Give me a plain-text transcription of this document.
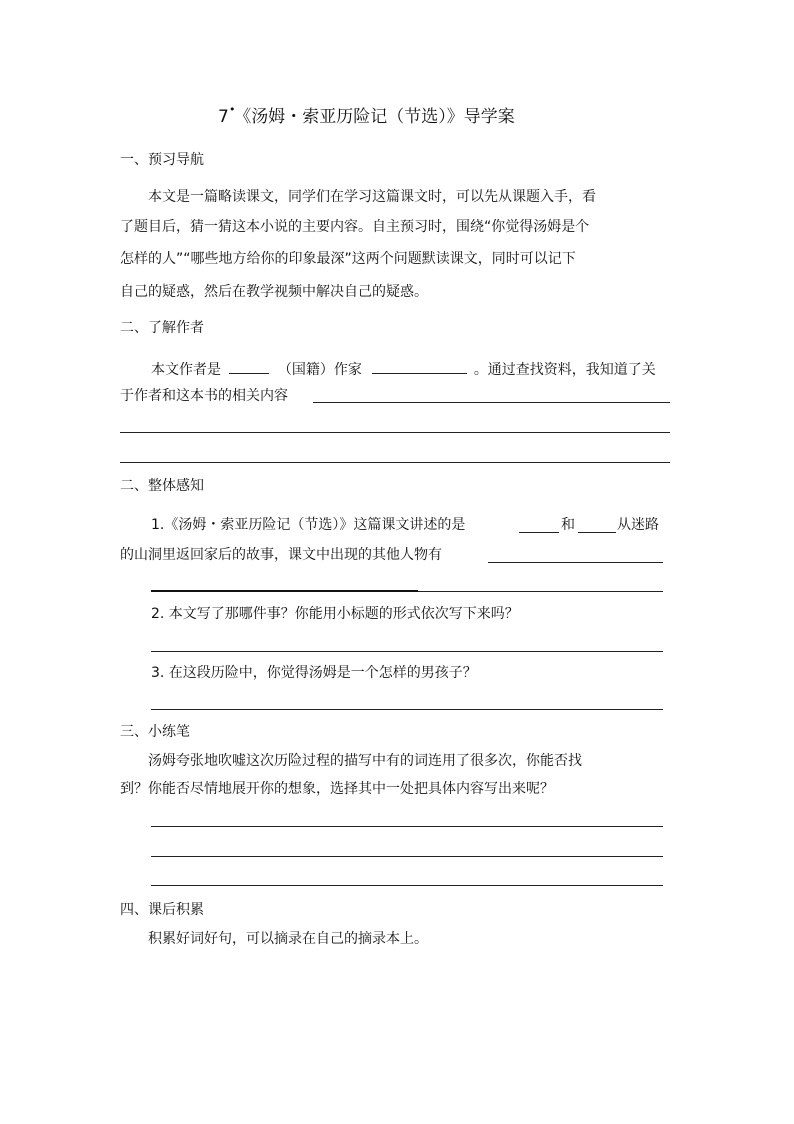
7 《汤姆・索亚历险记（节选）》导学案
•
一、预习导航
本文是一篇略读课文，同学们在学习这篇课文时，可以先从课题入手，看
了题目后，猜一猜这本小说的主要内容。自主预习时，围绕“你觉得汤姆是个
怎样的人”“哪些地方给你的印象最深”这两个问题默读课文，同时可以记下
自己的疑惑，然后在教学视频中解决自己的疑惑。
二、了解作者
本文作者是	（国籍）作家	。通过查找资料，我知道了关
于作者和这本书的相关内容
二、整体感知
1.《汤姆・索亚历险记（节选）》这篇课文讲述的是	和	从迷路
的山洞里返回家后的故事，课文中出现的其他人物有
2. 本文写了那哪件事？你能用小标题的形式依次写下来吗？
3. 在这段历险中，你觉得汤姆是一个怎样的男孩子？
三、小练笔
汤姆夸张地吹嘘这次历险过程的描写中有的词连用了很多次，你能否找
到？你能否尽情地展开你的想象，选择其中一处把具体内容写出来呢？
四、课后积累
积累好词好句，可以摘录在自己的摘录本上。
